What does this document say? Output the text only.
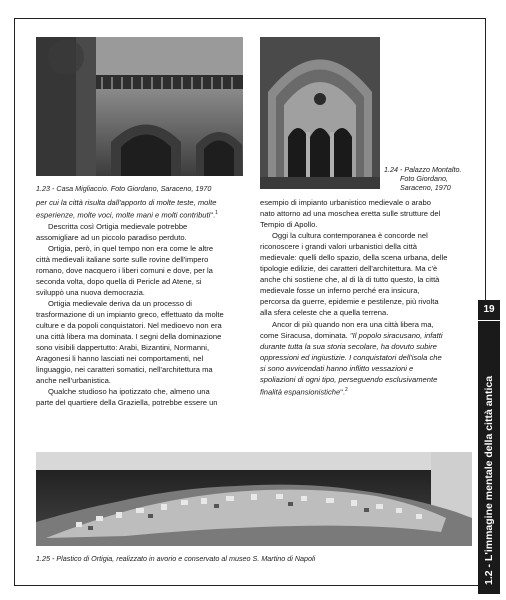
1.23 - Casa Migliaccio. Foto Giordano, Saraceno, 1970
1.24 - Palazzo Montalto.
Foto Giordano,
Saraceno, 1970

per cui la città risulta dall'apporto di molte teste, molte

esperienze, molte voci, molte mani e molti contributi".$^1$

Descritta così Ortigia medievale potrebbe

assomigliare ad un piccolo paradiso perduto.

Ortigia, però, in quel tempo non era come le altre

città medievali italiane sorte sulle rovine dell'impero

romano, dove nacquero i liberi comuni e dove, per la

seconda volta, dopo quella di Pericle ad Atene, si

sviluppò una nuova democrazia.

Ortigia medievale deriva da un processo di

trasformazione di un impianto greco, effettuato da molte

culture e da popoli conquistatori. Nel medioevo non era

una città libera ma dominata. I segni della dominazione

sono visibili dappertutto: Arabi, Bizantini, Normanni,

Aragonesi li hanno lasciati nei comportamenti, nel

linguaggio, nei caratteri somatici, nell'architettura ma

anche nell'urbanistica.

Qualche studioso ha ipotizzato che, almeno una

parte del quartiere della Graziella, potrebbe essere un

esempio di impianto urbanistico medievale o arabo

nato attorno ad una moschea eretta sulle strutture del

Tempio di Apollo.

Oggi la cultura contemporanea è concorde nel

riconoscere i grandi valori urbanistici della città

medievale: quelli dello spazio, della scena urbana, delle

tipologie edilizie, dei caratteri dell'architettura. Ma c'è

anche chi sostiene che, al di là di tutto questo, la città

medievale fosse un inferno perché era insicura,

percorsa da guerre, epidemie e pestilenze, più rivolta

alla sfera celeste che a quella terrena.

Ancor di più quando non era una città libera ma,

come Siracusa, dominata. "Il popolo siracusano, infatti

durante tutta la sua storia secolare, ha dovuto subire

oppressioni ed ingiustizie. I conquistatori dell'isola che

si sono avvicendati hanno inflitto vessazioni e

spoliazioni di ogni tipo, perseguendo esclusivamente

finalità espansionistiche".$^2$

1.25 - Plastico di Ortigia, realizzato in avorio e conservato al museo S. Martino di Napoli
19
1.2 - L'immagine mentale della città antica
